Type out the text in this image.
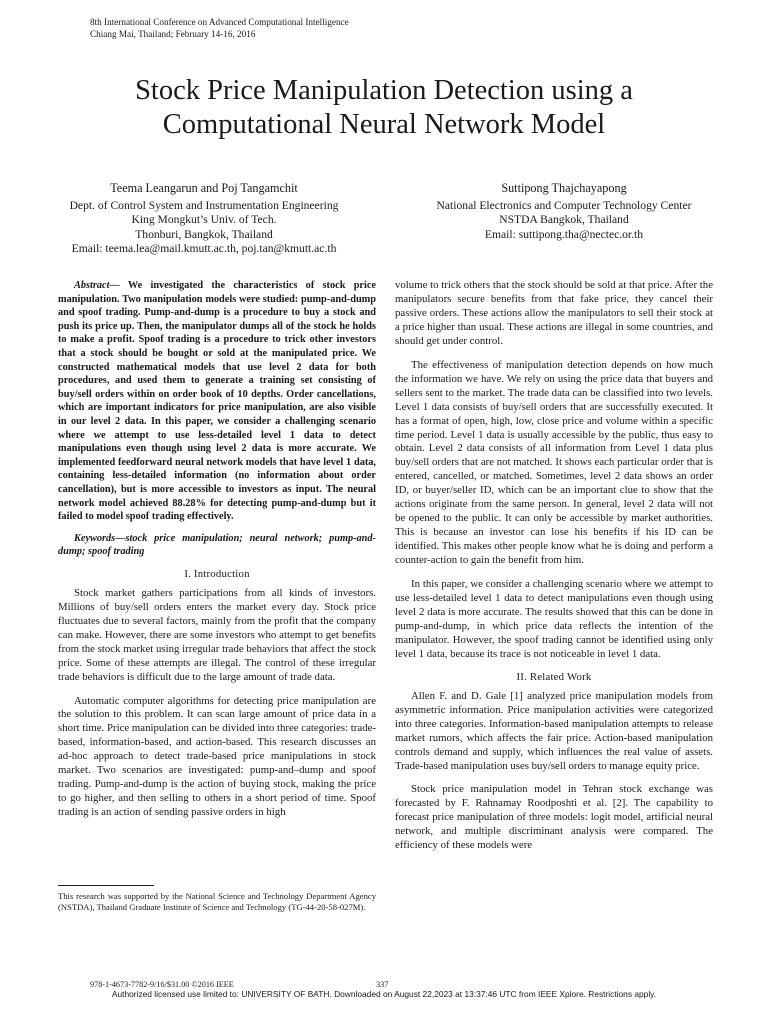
8th International Conference on Advanced Computational Intelligence
Chiang Mai, Thailand; February 14-16, 2016
Stock Price Manipulation Detection using a
Computational Neural Network Model
Teema Leangarun and Poj Tangamchit
Dept. of Control System and Instrumentation Engineering
King Mongkut’s Univ. of Tech.
Thonburi, Bangkok, Thailand
Email: teema.lea@mail.kmutt.ac.th, poj.tan@kmutt.ac.th
Suttipong Thajchayapong
National Electronics and Computer Technology Center
NSTDA Bangkok, Thailand
Email: suttipong.tha@nectec.or.th

Abstract— We investigated the characteristics of stock price manipulation. Two manipulation models were studied: pump-and-dump and spoof trading. Pump-and-dump is a procedure to buy a stock and push its price up. Then, the manipulator dumps all of the stock he holds to make a profit. Spoof trading is a procedure to trick other investors that a stock should be bought or sold at the manipulated price. We constructed mathematical models that use level 2 data for both procedures, and used them to generate a training set consisting of buy/sell orders within on order book of 10 depths. Order cancellations, which are important indicators for price manipulation, are also visible in our level 2 data. In this paper, we consider a challenging scenario where we attempt to use less-detailed level 1 data to detect manipulations even though using level 2 data is more accurate. We implemented feedforward neural network models that have level 1 data, containing less-detailed information (no information about order cancellation), but is more accessible to investors as input. The neural network model achieved 88.28% for detecting pump-and-dump but it failed to model spoof trading effectively.

Keywords—stock price manipulation; neural network; pump-and-dump; spoof trading

I. Introduction

Stock market gathers participations from all kinds of investors. Millions of buy/sell orders enters the market every day. Stock price fluctuates due to several factors, mainly from the profit that the company can make. However, there are some investors who attempt to get benefits from the stock market using irregular trade behaviors that affect the stock price. Some of these attempts are illegal. The control of these irregular trade behaviors is difficult due to the large amount of trade data.

Automatic computer algorithms for detecting price manipulation are the solution to this problem. It can scan large amount of price data in a short time. Price manipulation can be divided into three categories: trade-based, information-based, and action-based. This research discusses an ad-hoc approach to detect trade-based price manipulations in stock market. Two scenarios are investigated: pump-and–dump and spoof trading. Pump-and-dump is the action of buying stock, making the price to go higher, and then selling to others in a short period of time. Spoof trading is an action of sending passive orders in high

volume to trick others that the stock should be sold at that price. After the manipulators secure benefits from that fake price, they cancel their passive orders. These actions allow the manipulators to sell their stock at a price higher than usual. These actions are illegal in some countries, and should get under control.

The effectiveness of manipulation detection depends on how much the information we have. We rely on using the price data that buyers and sellers sent to the market. The trade data can be classified into two levels. Level 1 data consists of buy/sell orders that are successfully executed. It has a format of open, high, low, close price and volume within a specific time period. Level 1 data is usually accessible by the public, thus easy to obtain. Level 2 data consists of all information from Level 1 data plus buy/sell orders that are not matched. It shows each particular order that is entered, cancelled, or matched. Sometimes, level 2 data shows an order ID, or buyer/seller ID, which can be an important clue to show that the actions originate from the same person. In general, level 2 data will not be opened to the public. It can only be accessible by market authorities. This is because an investor can lose his benefits if his ID can be identified. This makes other people know what he is doing and perform a counter-action to gain the benefit from him.

In this paper, we consider a challenging scenario where we attempt to use less-detailed level 1 data to detect manipulations even though using level 2 data is more accurate. The results showed that this can be done in pump-and-dump, in which price data reflects the intention of the manipulator. However, the spoof trading cannot be identified using only level 1 data, because its trace is not noticeable in level 1 data.

II. Related Work

Allen F. and D. Gale [1] analyzed price manipulation models from asymmetric information. Price manipulation activities were categorized into three categories. Information-based manipulation attempts to release market rumors, which affects the fair price. Action-based manipulation controls demand and supply, which influences the real value of assets. Trade-based manipulation uses buy/sell orders to manage equity price.

Stock price manipulation model in Tehran stock exchange was forecasted by F. Rahnamay Roodposhti et al. [2]. The capability to forecast price manipulation of three models: logit model, artificial neural network, and multiple discriminant analysis were compared. The efficiency of these models were

This research was supported by the National Science and Technology Department Agency (NSTDA), Thailand Graduate Institute of Science and Technology (TG-44-20-58-027M).
978-1-4673-7782-9/16/$31.00 ©2016 IEEE	337
Authorized licensed use limited to: UNIVERSITY OF BATH. Downloaded on August 22,2023 at 13:37:46 UTC from IEEE Xplore. Restrictions apply.
